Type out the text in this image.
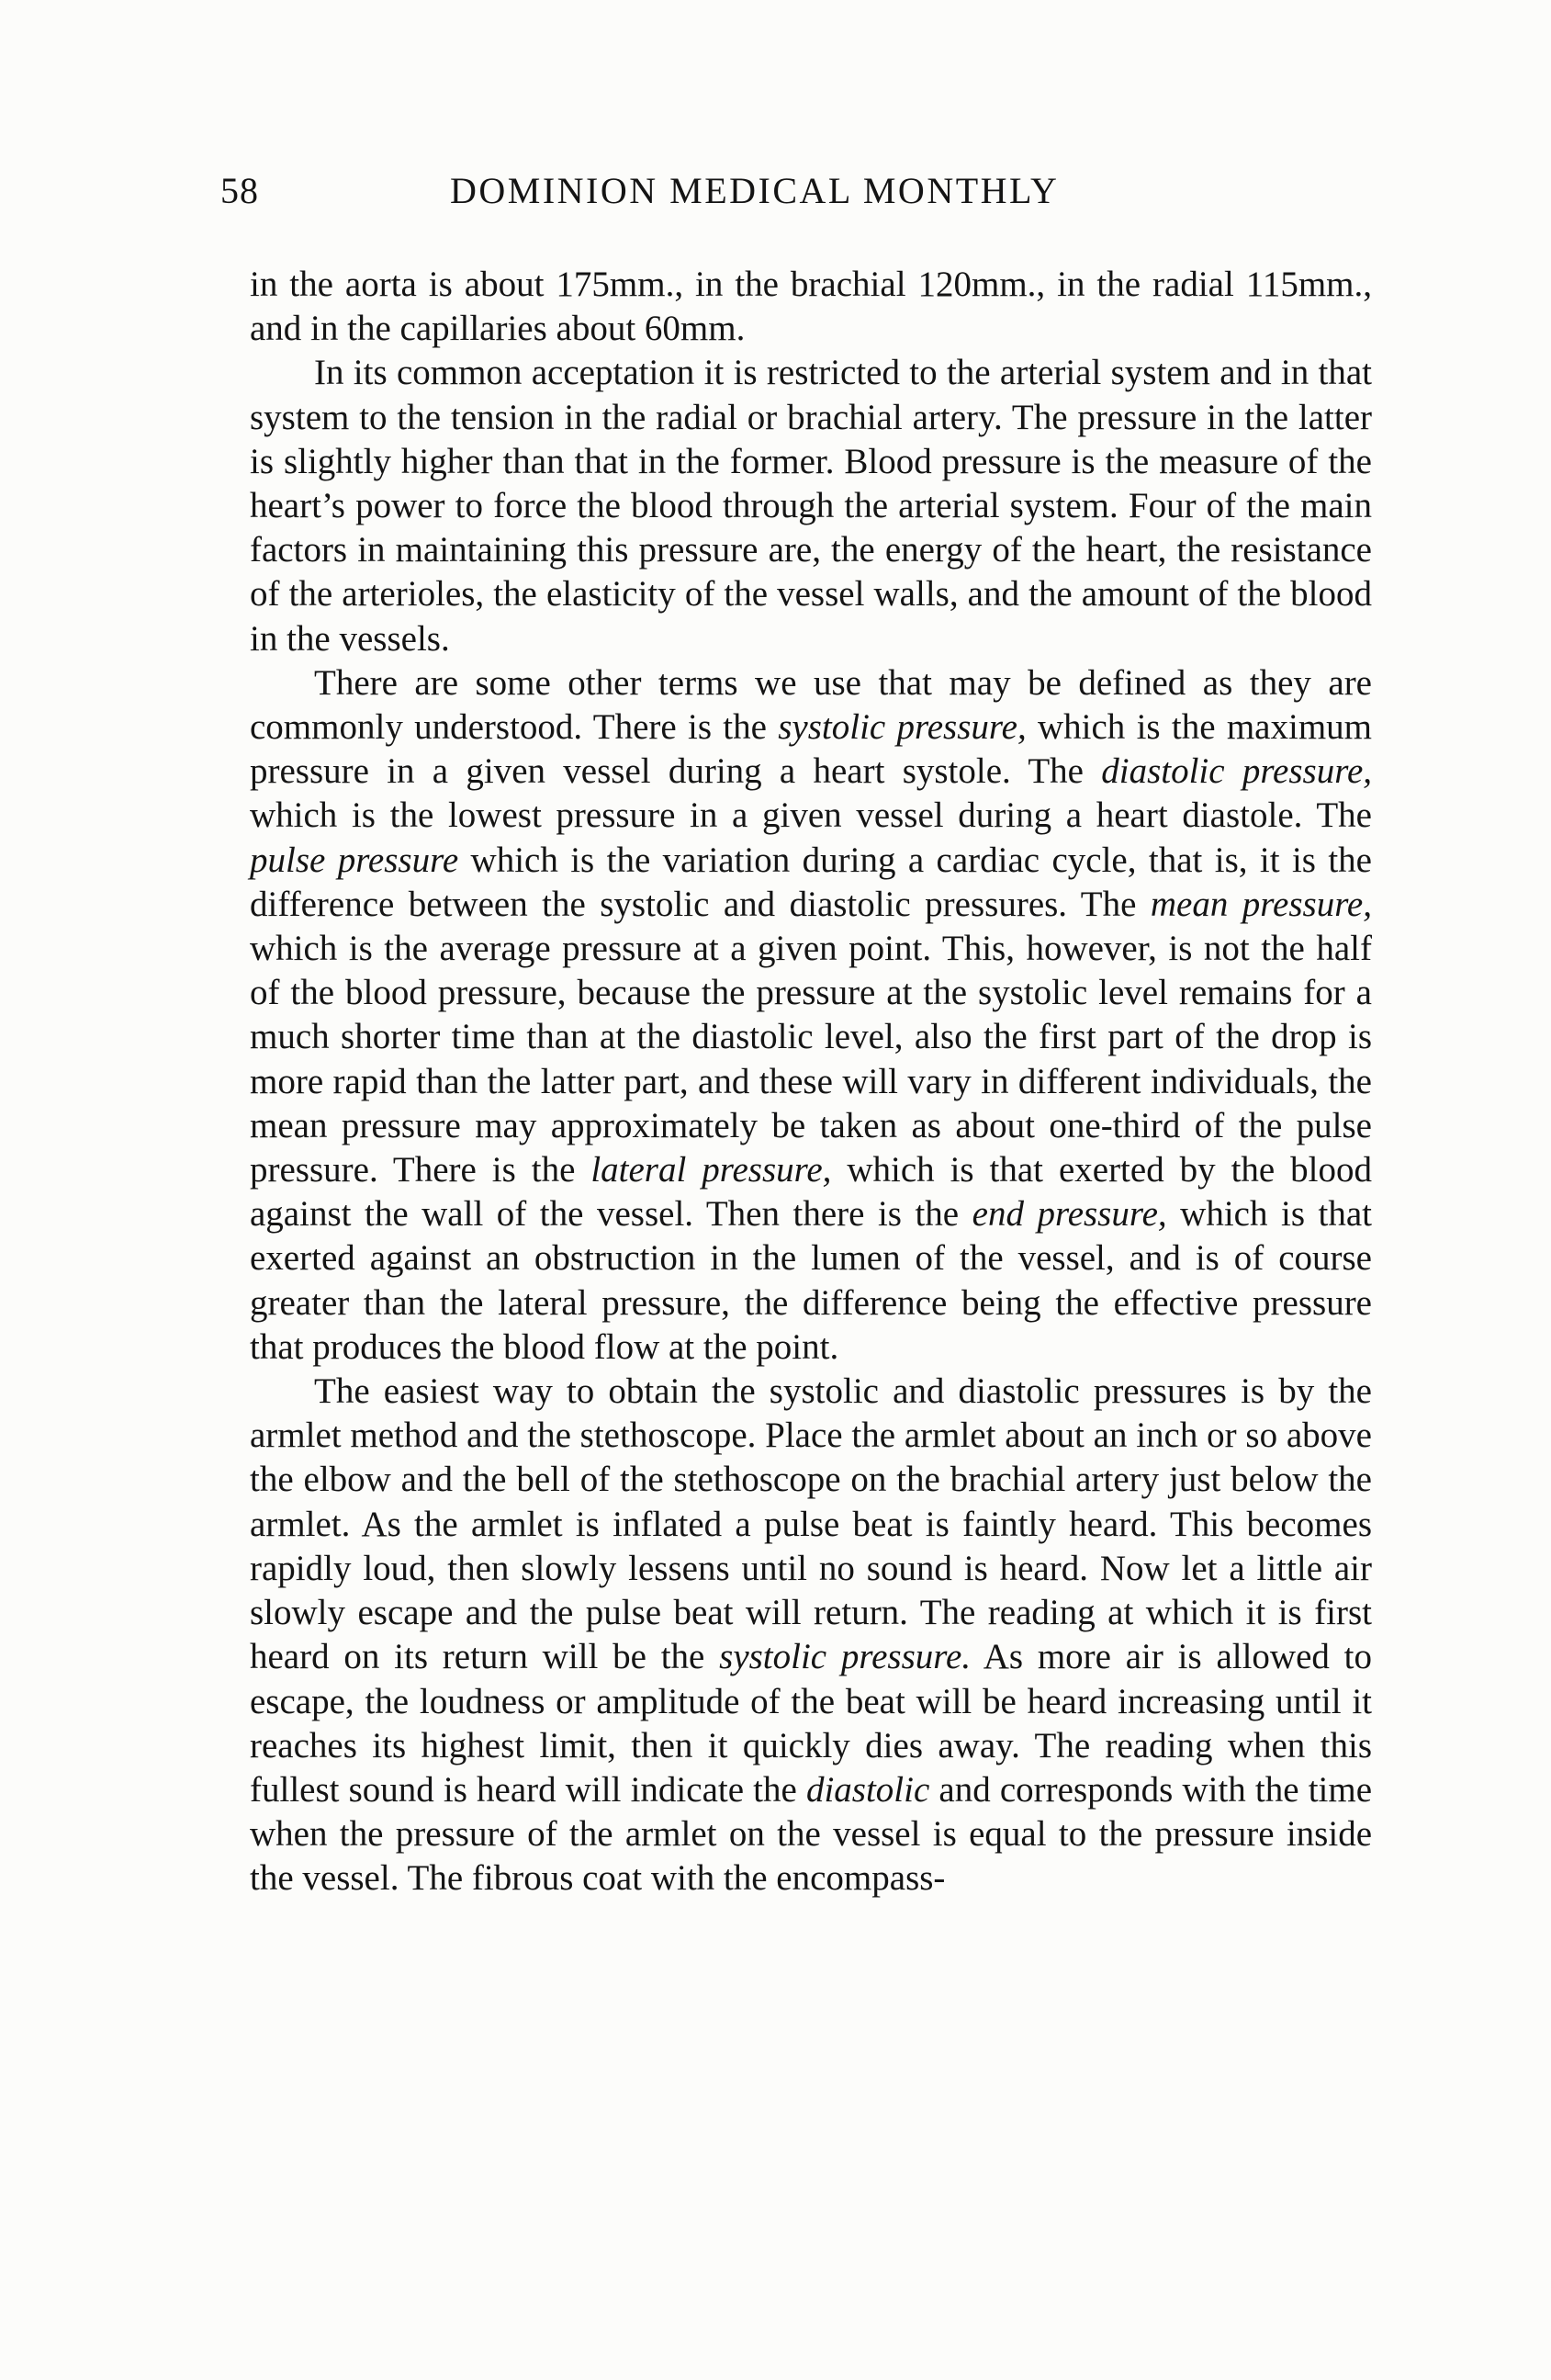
58	DOMINION MEDICAL MONTHLY

in the aorta is about 175mm., in the brachial 120mm., in the radial 115mm., and in the capillaries about 60mm.

In its common acceptation it is restricted to the arterial system and in that system to the tension in the radial or brachial artery. The pressure in the latter is slightly higher than that in the former. Blood pressure is the measure of the heart’s power to force the blood through the arterial system. Four of the main factors in maintaining this pressure are, the energy of the heart, the resistance of the arterioles, the elasticity of the vessel walls, and the amount of the blood in the vessels.

There are some other terms we use that may be defined as they are commonly understood. There is the systolic pressure, which is the maximum pressure in a given vessel during a heart systole. The diastolic pressure, which is the lowest pressure in a given vessel during a heart diastole. The pulse pressure which is the variation during a cardiac cycle, that is, it is the difference between the systolic and diastolic pressures. The mean pressure, which is the average pressure at a given point. This, however, is not the half of the blood pressure, because the pressure at the systolic level remains for a much shorter time than at the diastolic level, also the first part of the drop is more rapid than the latter part, and these will vary in different individuals, the mean pressure may approximately be taken as about one-third of the pulse pressure. There is the lateral pressure, which is that exerted by the blood against the wall of the vessel. Then there is the end pressure, which is that exerted against an obstruction in the lumen of the vessel, and is of course greater than the lateral pressure, the difference being the effective pressure that produces the blood flow at the point.

The easiest way to obtain the systolic and diastolic pressures is by the armlet method and the stethoscope. Place the armlet about an inch or so above the elbow and the bell of the stethoscope on the brachial artery just below the armlet. As the armlet is inflated a pulse beat is faintly heard. This becomes rapidly loud, then slowly lessens until no sound is heard. Now let a little air slowly escape and the pulse beat will return. The reading at which it is first heard on its return will be the systolic pressure. As more air is allowed to escape, the loudness or amplitude of the beat will be heard increasing until it reaches its highest limit, then it quickly dies away. The reading when this fullest sound is heard will indicate the diastolic and corresponds with the time when the pressure of the armlet on the vessel is equal to the pressure inside the vessel. The fibrous coat with the encompass-
